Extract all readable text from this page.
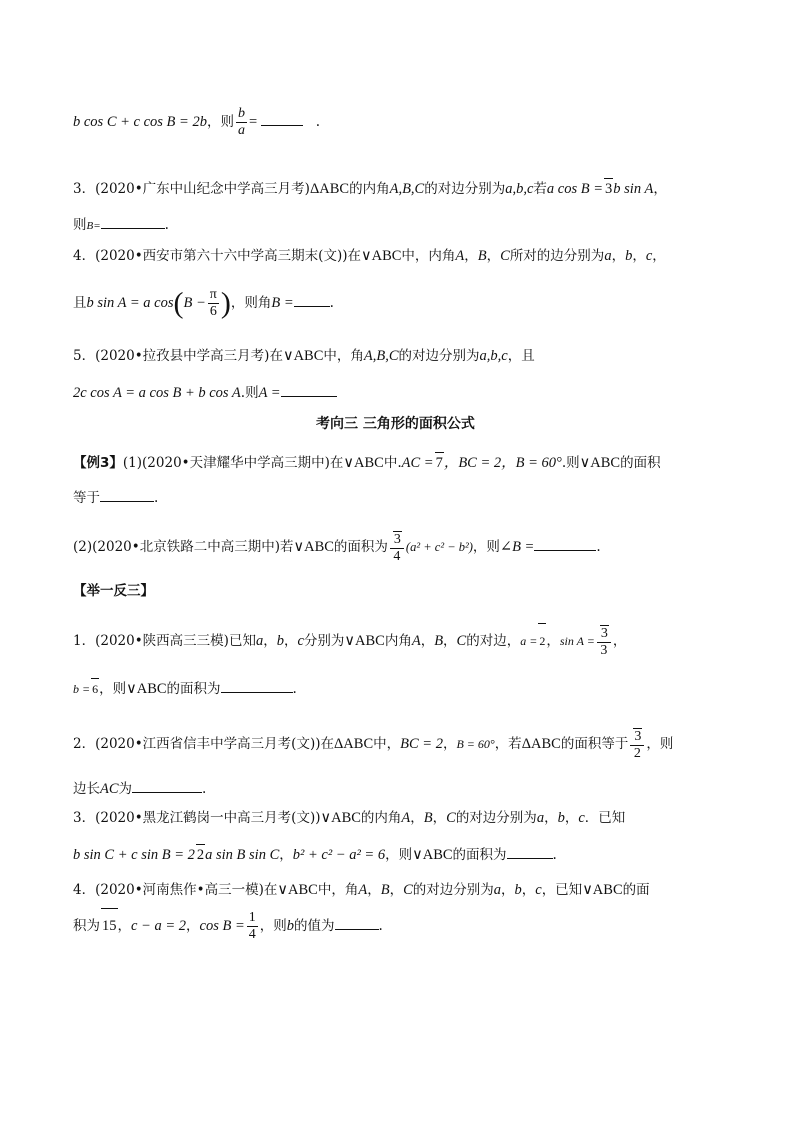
b cos C + c cos B = 2b，则 $\frac{b}{a}$ =	.
3．(2020•广东中山纪念中学高三月考)ΔABC的内角A,B,C的对边分别为a,b,c若a cos B = 3b sin A，
则B=	.
4．(2020•西安市第六十六中学高三期末(文))在∨ABC中，内角A，B，C所对的边分别为a，b，c，
且b sin A = a $\cos(B - \frac{\pi}{6}$ )，则角B =	.
5．(2020•拉孜县中学高三月考)在∨ABC中，角A,B,C的对边分别为a,b,c，且
2c cos A = a cos B + b cos A.则A =
考向三 三角形的面积公式
【例3】(1)(2020•天津耀华中学高三期中)在∨ABC中.AC = 7，BC = 2，B = 60°.则∨ABC的面积
等于	.
(2)(2020•北京铁路二中高三期中)若∨ABC的面积为 $\frac{3}{4} (a^2 + c^2 - b^2)$，则∠B =	.
【举一反三】
1．(2020•陕西高三三模)已知a，b，c分别为∨ABC内角A，B，C的对边，a = 2，$\sin A = \frac{3}{3}$ ，
b = 6，则∨ABC的面积为	.
2．(2020•江西省信丰中学高三月考(文))在ΔABC中，BC = 2，B = 60°，若ΔABC的面积等于 $\frac{3}{2}$ ，则
边长AC为	.
3．(2020•黑龙江鹤岗一中高三月考(文))∨ABC的内角A，B，C的对边分别为a，b，c．已知
b sin C + c sin B = 2 2a sin B sin C，b² + c² − a² = 6，则∨ABC的面积为	.
4．(2020•河南焦作•高三一模)在∨ABC中，角A，B，C的对边分别为a，b，c，已知∨ABC的面
积为 15，c − a = 2，$\cos B = \frac{1}{4}$ ，则b的值为	.
